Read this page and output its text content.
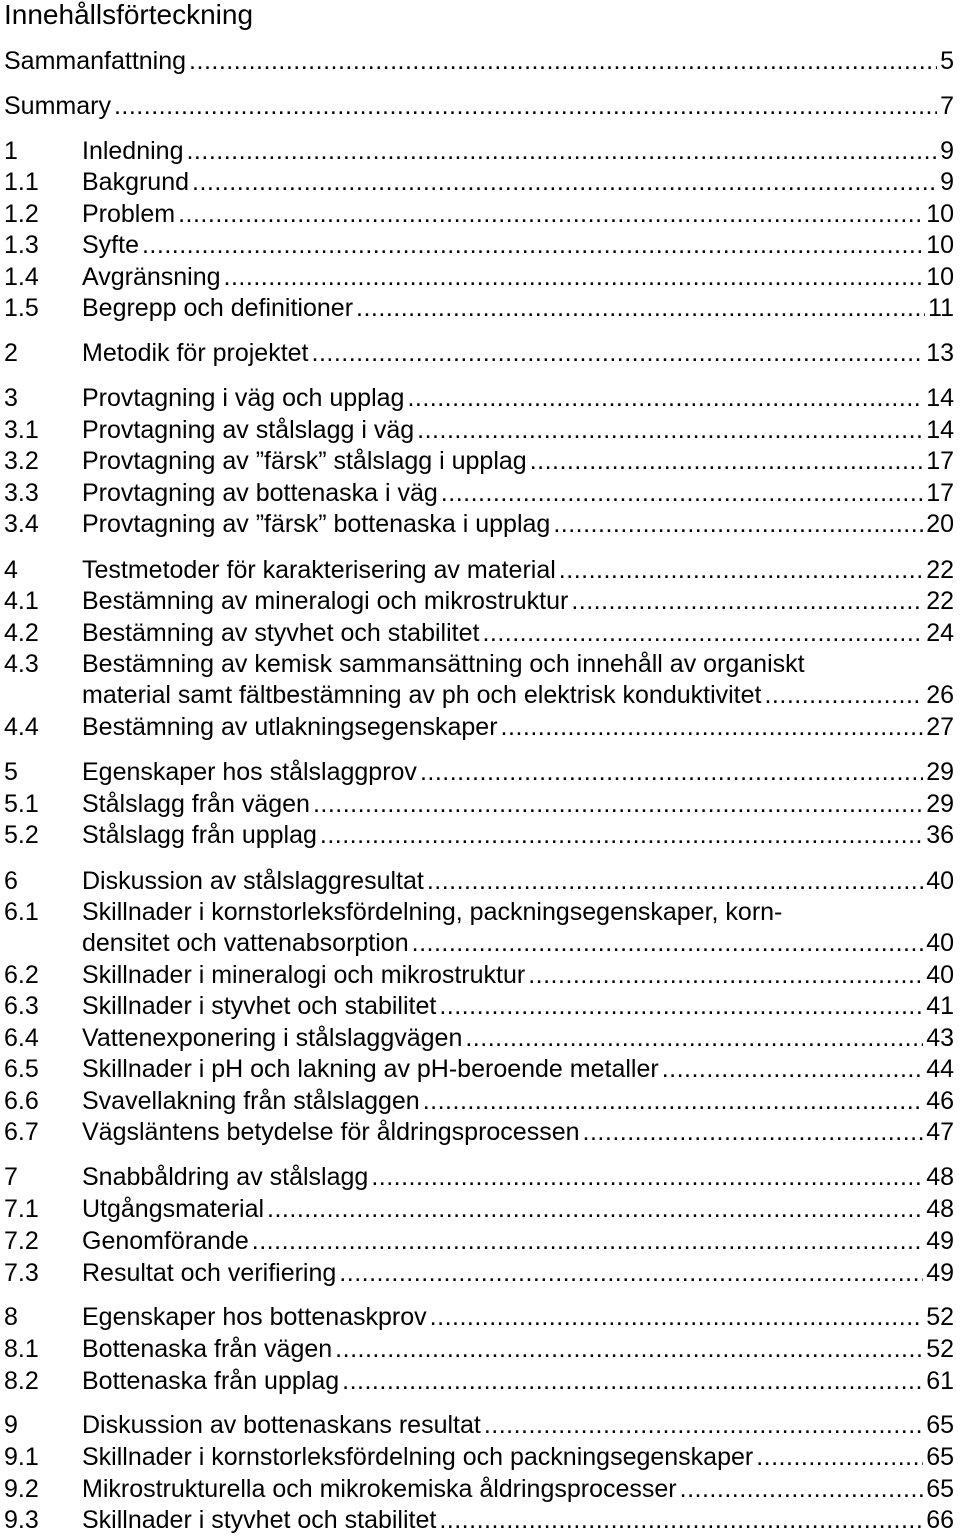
Innehållsförteckning
Sammanfattning .....	5
Summary .....	7
1	Inledning .....	9
1.1 Bakgrund .....	9
1.2 Problem .....	10
1.3 Syfte .....	10
1.4 Avgränsning .....	10
1.5 Begrepp och definitioner .....	11
2	Metodik för projektet .....	13
3	Provtagning i väg och upplag .....	14
3.1 Provtagning av stålslagg i väg .....	14
3.2 Provtagning av ”färsk” stålslagg i upplag .....	17
3.3 Provtagning av bottenaska i väg .....	17
3.4 Provtagning av ”färsk” bottenaska i upplag .....	20
4	Testmetoder för karakterisering av material .....	22
4.1 Bestämning av mineralogi och mikrostruktur .....	22
4.2 Bestämning av styvhet och stabilitet .....	24
4.3 Bestämning av kemisk sammansättning och innehåll av organiskt
material samt fältbestämning av ph och elektrisk konduktivitet .....	26
4.4 Bestämning av utlakningsegenskaper .....	27
5	Egenskaper hos stålslaggprov .....	29
5.1 Stålslagg från vägen .....	29
5.2 Stålslagg från upplag .....	36
6	Diskussion av stålslaggresultat .....	40
6.1 Skillnader i kornstorleksfördelning, packningsegenskaper, korn-
densitet och vattenabsorption .....	40
6.2 Skillnader i mineralogi och mikrostruktur .....	40
6.3 Skillnader i styvhet och stabilitet .....	41
6.4 Vattenexponering i stålslaggvägen .....	43
6.5 Skillnader i pH och lakning av pH-beroende metaller .....	44
6.6 Svavellakning från stålslaggen .....	46
6.7 Vägsläntens betydelse för åldringsprocessen .....	47
7	Snabbåldring av stålslagg .....	48
7.1 Utgångsmaterial .....	48
7.2 Genomförande .....	49
7.3 Resultat och verifiering .....	49
8	Egenskaper hos bottenaskprov .....	52
8.1 Bottenaska från vägen .....	52
8.2 Bottenaska från upplag .....	61
9	Diskussion av bottenaskans resultat .....	65
9.1 Skillnader i kornstorleksfördelning och packningsegenskaper .....	65
9.2 Mikrostrukturella och mikrokemiska åldringsprocesser .....	65
9.3 Skillnader i styvhet och stabilitet .....	66
